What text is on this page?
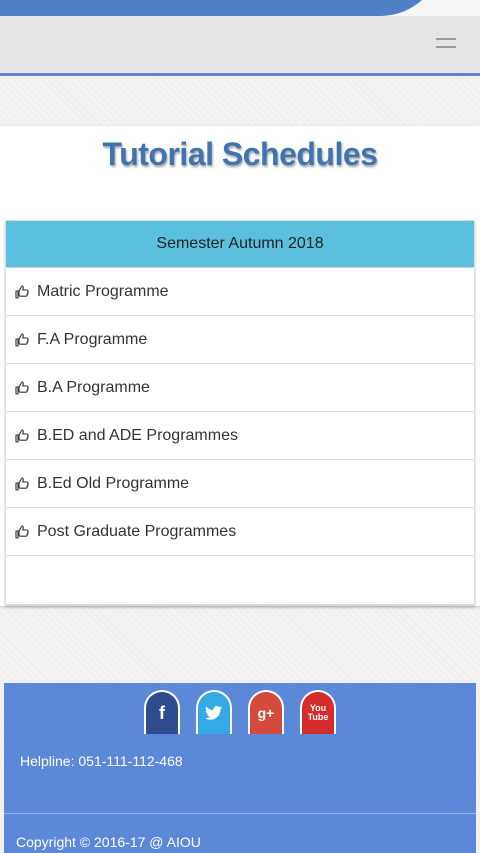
Tutorial Schedules
Semester Autumn 2018
Matric Programme
F.A Programme
B.A Programme
B.ED and ADE Programmes
B.Ed Old Programme
Post Graduate Programmes
f	g+	You Tube
Helpline: 051-111-112-468
Copyright © 2016-17 @ AIOU
